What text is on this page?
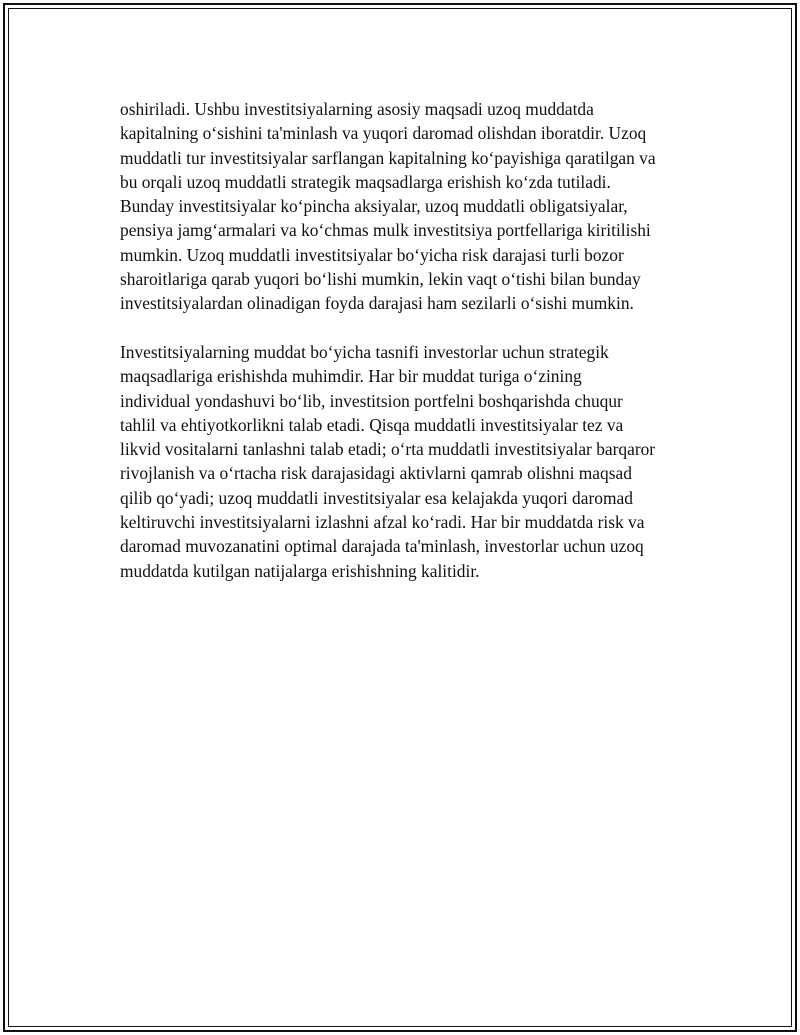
oshiriladi. Ushbu investitsiyalarning asosiy maqsadi uzoq muddatda
kapitalning o‘sishini ta'minlash va yuqori daromad olishdan iboratdir. Uzoq
muddatli tur investitsiyalar sarflangan kapitalning ko‘payishiga qaratilgan va
bu orqali uzoq muddatli strategik maqsadlarga erishish ko‘zda tutiladi.
Bunday investitsiyalar ko‘pincha aksiyalar, uzoq muddatli obligatsiyalar,
pensiya jamg‘armalari va ko‘chmas mulk investitsiya portfellariga kiritilishi
mumkin. Uzoq muddatli investitsiyalar bo‘yicha risk darajasi turli bozor
sharoitlariga qarab yuqori bo‘lishi mumkin, lekin vaqt o‘tishi bilan bunday
investitsiyalardan olinadigan foyda darajasi ham sezilarli o‘sishi mumkin.

Investitsiyalarning muddat bo‘yicha tasnifi investorlar uchun strategik
maqsadlariga erishishda muhimdir. Har bir muddat turiga o‘zining
individual yondashuvi bo‘lib, investitsion portfelni boshqarishda chuqur
tahlil va ehtiyotkorlikni talab etadi. Qisqa muddatli investitsiyalar tez va
likvid vositalarni tanlashni talab etadi; o‘rta muddatli investitsiyalar barqaror
rivojlanish va o‘rtacha risk darajasidagi aktivlarni qamrab olishni maqsad
qilib qo‘yadi; uzoq muddatli investitsiyalar esa kelajakda yuqori daromad
keltiruvchi investitsiyalarni izlashni afzal ko‘radi. Har bir muddatda risk va
daromad muvozanatini optimal darajada ta'minlash, investorlar uchun uzoq
muddatda kutilgan natijalarga erishishning kalitidir.
